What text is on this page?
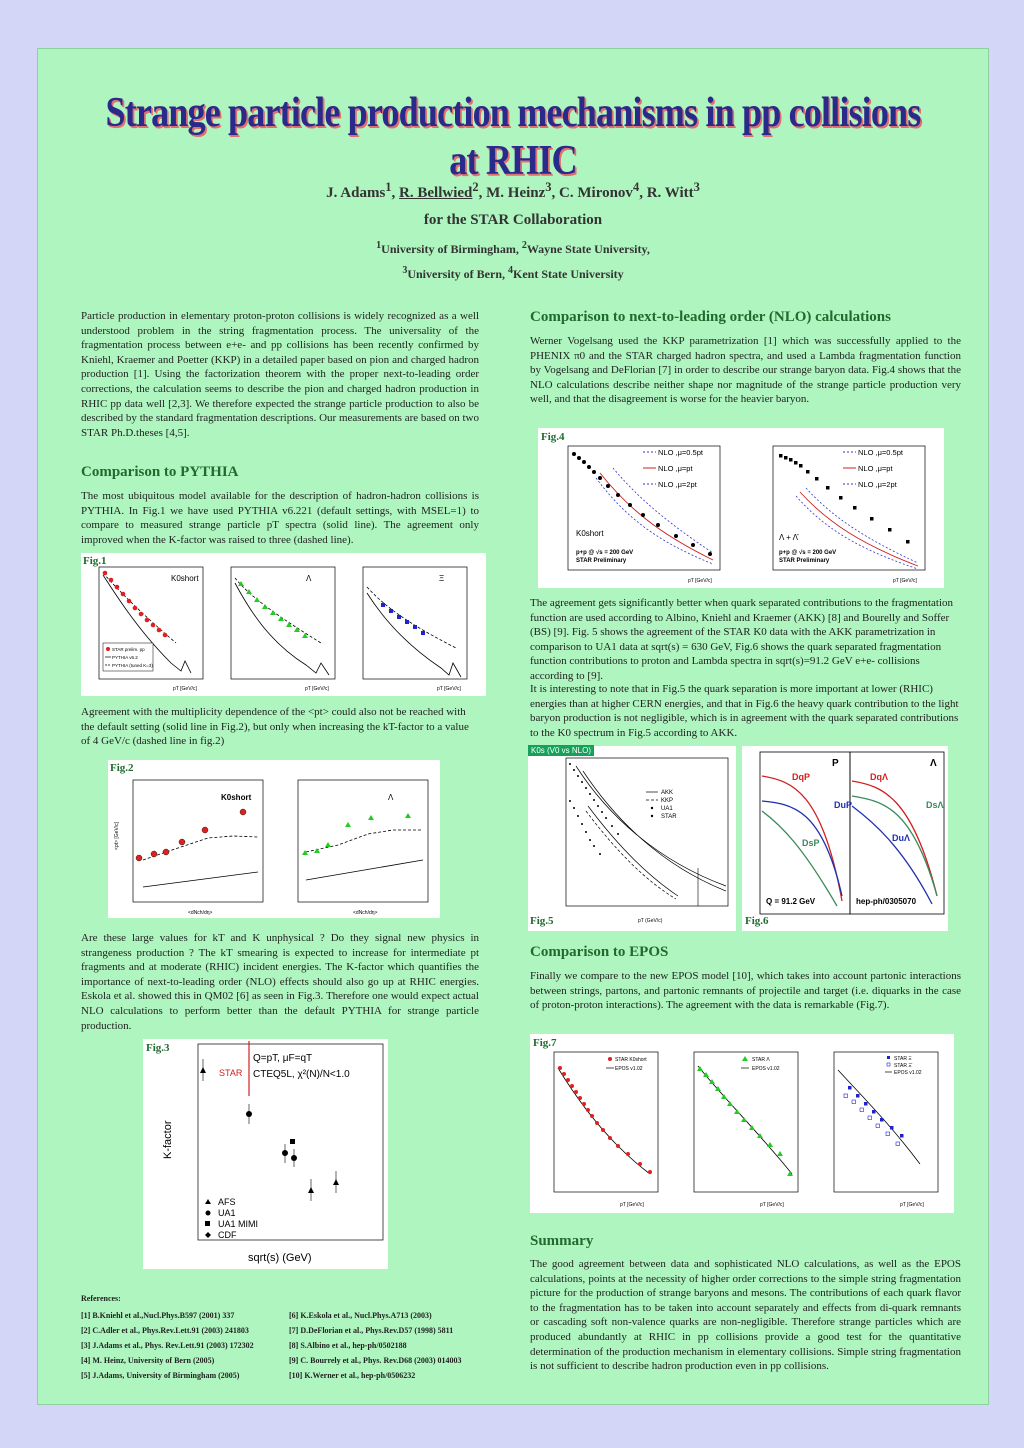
Strange particle production mechanisms in pp collisions at RHIC
J. Adams$^1$, R. Bellwied$^2$, M. Heinz$^3$, C. Mironov$^4$, R. Witt$^3$
for the STAR Collaboration
$^1$University of Birmingham, $^2$Wayne State University,
$^3$University of Bern, $^4$Kent State University

Particle production in elementary proton-proton collisions is widely recognized as a well understood problem in the string fragmentation process. The universality of the fragmentation process between e+e- and pp collisions has been recently confirmed by Kniehl, Kraemer and Poetter (KKP) in a detailed paper based on pion and charged hadron production [1]. Using the factorization theorem with the proper next-to-leading order corrections, the calculation seems to describe the pion and charged hadron production in RHIC pp data well [2,3]. We therefore expected the strange particle production to also be described by the standard fragmentation descriptions. Our measurements are based on two STAR Ph.D.theses [4,5].

Comparison to PYTHIA

The most ubiquitous model available for the description of hadron-hadron collisions is PYTHIA. In Fig.1 we have used PYTHIA v6.221 (default settings, with MSEL=1) to compare to measured strange particle pT spectra (solid line). The agreement only improved when the K-factor was raised to three (dashed line).

Fig.1
K0short
STAR prelim. pp
PYTHIA v6.2
PYTHIA (tuned K=3)
pT [GeV/c]
Λ
pT [GeV/c]
Ξ
pT [GeV/c]

Agreement with the multiplicity dependence of the <pt> could also not be reached with the default setting (solid line in Fig.2), but only when increasing the kT-factor to a value of 4 GeV/c (dashed line in fig.2)

Fig.2
K0short
<dNch/dη>
<pt> [GeV/c]
Λ
<dNch/dη>

Are these large values for kT and K unphysical ? Do they signal new physics in strangeness production ? The kT smearing is expected to increase for intermediate pt fragments and at moderate (RHIC) incident energies. The K-factor which quantifies the importance of next-to-leading order (NLO) effects should also go up at RHIC energies. Eskola et al. showed this in QM02 [6] as seen in Fig.3. Therefore one would expect actual NLO calculations to perform better than the default PYTHIA for strange particle production.

Fig.3
STAR
Q=pT, μF=qT
CTEQ5L, χ²(N)/N<1.0
AFS
UA1
UA1 MIMI
CDF
sqrt(s) (GeV)
K-factor
References:
[1] B.Kniehl et al.,Nucl.Phys.B597 (2001) 337
[2] C.Adler et al., Phys.Rev.Lett.91 (2003) 241803
[3] J.Adams et al., Phys. Rev.Lett.91 (2003) 172302
[4] M. Heinz, University of Bern (2005)
[5] J.Adams, University of Birmingham (2005)
[6] K.Eskola et al., Nucl.Phys.A713 (2003)
[7] D.DeFlorian et al., Phys.Rev.D57 (1998) 5811
[8] S.Albino et al., hep-ph/0502188
[9] C. Bourrely et al., Phys. Rev.D68 (2003) 014003
[10] K.Werner et al., hep-ph/0506232
Comparison to next-to-leading order (NLO) calculations

Werner Vogelsang used the KKP parametrization [1] which was successfully applied to the PHENIX π0 and the STAR charged hadron spectra, and used a Lambda fragmentation function by Vogelsang and DeFlorian [7] in order to describe our strange baryon data. Fig.4 shows that the NLO calculations describe neither shape nor magnitude of the strange particle production very well, and that the disagreement is worse for the heavier baryon.

Fig.4
NLO ,μ=0.5pt
NLO ,μ=pt
NLO ,μ=2pt
K0short
p+p @ √s = 200 GeV
STAR Preliminary
pT [GeV/c]
NLO ,μ=0.5pt
NLO ,μ=pt
NLO ,μ=2pt
Λ + Λ̄
p+p @ √s = 200 GeV
STAR Preliminary
pT [GeV/c]

The agreement gets significantly better when quark separated contributions to the fragmentation function are used according to Albino, Kniehl and Kraemer (AKK) [8] and Bourelly and Soffer (BS) [9]. Fig. 5 shows the agreement of the STAR K0 data with the AKK parametrization in comparison to UA1 data at sqrt(s) = 630 GeV, Fig.6 shows the quark separated fragmentation function contributions to proton and Lambda spectra in sqrt(s)=91.2 GeV e+e- collisions according to [9].

It is interesting to note that in Fig.5 the quark separation is more important at lower (RHIC) energies than at higher CERN energies, and that in Fig.6 the heavy quark contribution to the light baryon production is not negligible, which is in agreement with the quark separated contributions to the K0 spectrum in Fig.5 according to AKK.

K0s (V0 vs NLO)
Fig.5
AKK
KKP
UA1
STAR
pT (GeV/c)	Fig.6
P	Λ
DqP
DuP
DsP
DqΛ
DsΛ
DuΛ
Q = 91.2 GeV	hep-ph/0305070
Comparison to EPOS

Finally we compare to the new EPOS model [10], which takes into account partonic interactions between strings, partons, and partonic remnants of projectile and target (i.e. diquarks in the case of proton-proton interactions). The agreement with the data is remarkable (Fig.7).

Fig.7
STAR K0short
EPOS v1.02
pT [GeV/c]
STAR Λ
EPOS v1.02
pT [GeV/c]
STAR Ξ
STAR Ξ̄
EPOS v1.02
pT [GeV/c]
Summary

The good agreement between data and sophisticated NLO calculations, as well as the EPOS calculations, points at the necessity of higher order corrections to the simple string fragmentation picture for the production of strange baryons and mesons. The contributions of each quark flavor to the fragmentation has to be taken into account separately and effects from di-quark remnants or cascading soft non-valence quarks are non-negligible. Therefore strange particles which are produced abundantly at RHIC in pp collisions provide a good test for the quantitative determination of the production mechanism in elementary collisions. Simple string fragmentation is not sufficient to describe hadron production even in pp collisions.
